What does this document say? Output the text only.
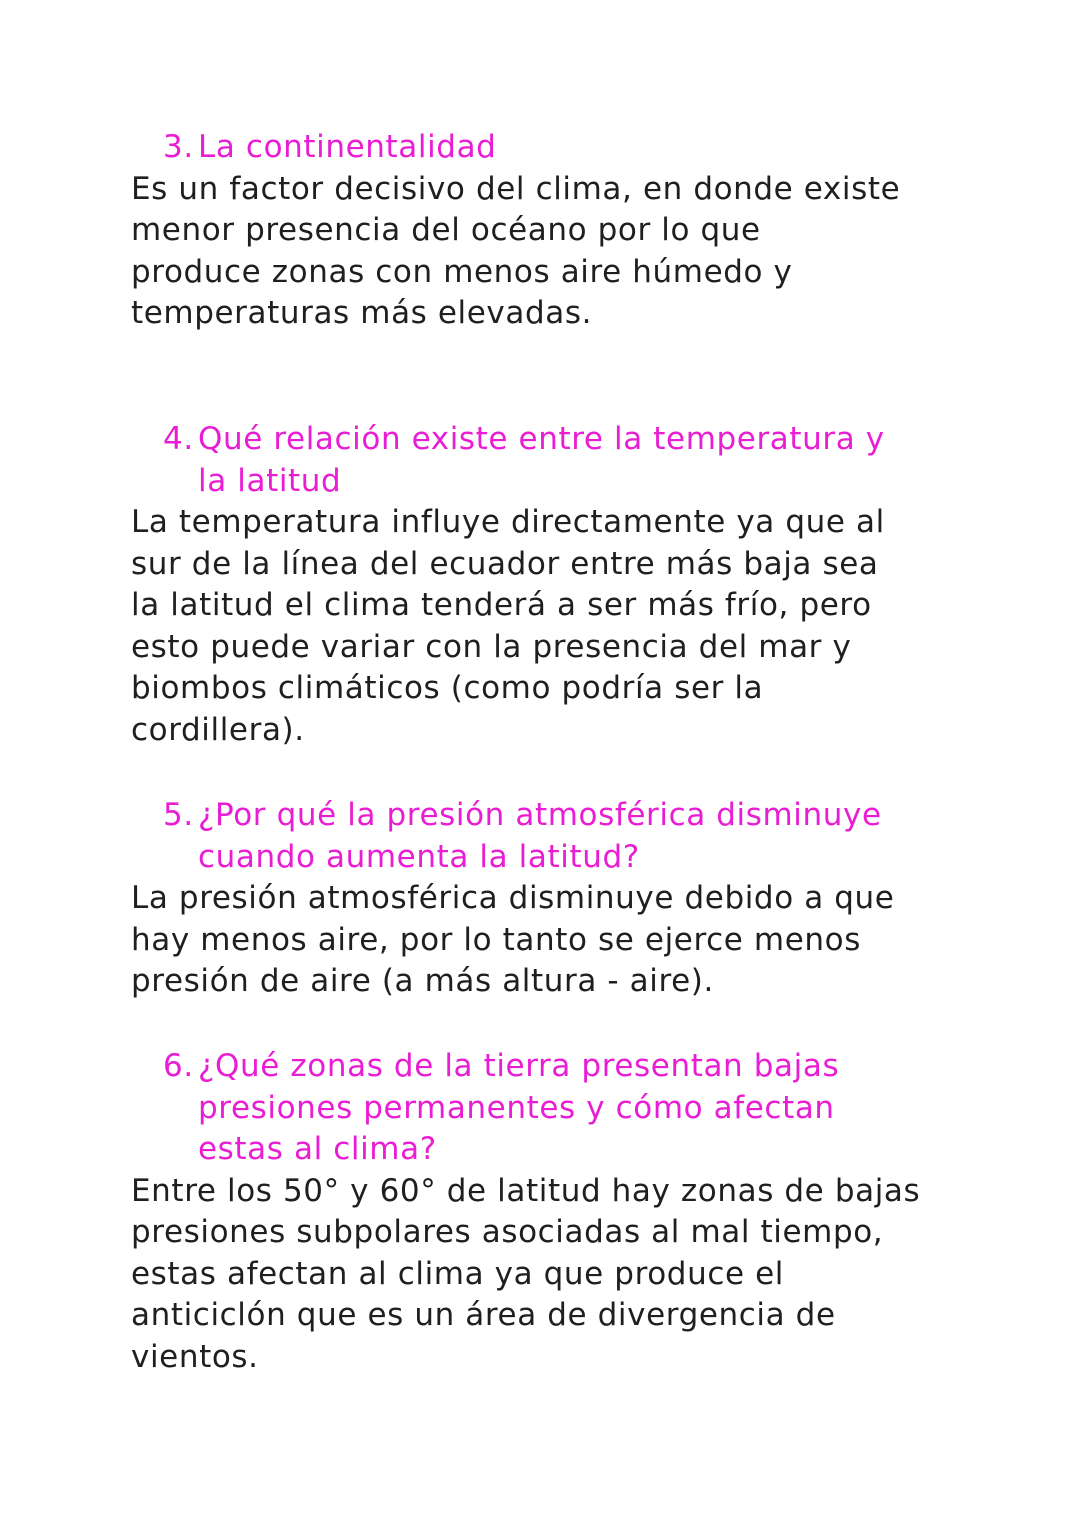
3. La continentalidad
Es un factor decisivo del clima, en donde existe
menor presencia del océano por lo que
produce zonas con menos aire húmedo y
temperaturas más elevadas.
4. Qué relación existe entre la temperatura y
la latitud
La temperatura influye directamente ya que al
sur de la línea del ecuador entre más baja sea
la latitud el clima tenderá a ser más frío, pero
esto puede variar con la presencia del mar y
biombos climáticos (como podría ser la
cordillera).
5. ¿Por qué la presión atmosférica disminuye
cuando aumenta la latitud?
La presión atmosférica disminuye debido a que
hay menos aire, por lo tanto se ejerce menos
presión de aire (a más altura - aire).
6. ¿Qué zonas de la tierra presentan bajas
presiones permanentes y cómo afectan
estas al clima?
Entre los 50° y 60° de latitud hay zonas de bajas
presiones subpolares asociadas al mal tiempo,
estas afectan al clima ya que produce el
anticiclón que es un área de divergencia de
vientos.
